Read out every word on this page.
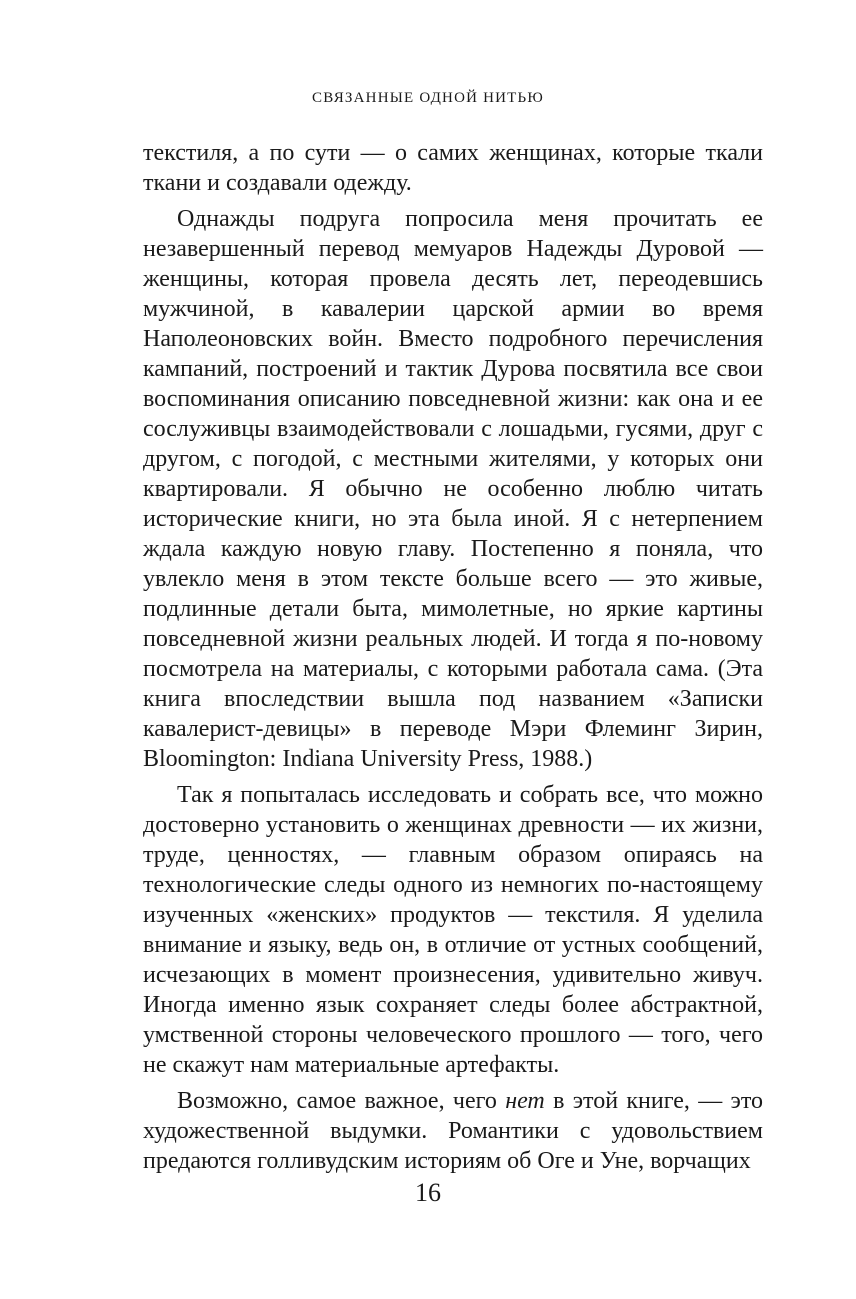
СВЯЗАННЫЕ ОДНОЙ НИТЬЮ

текстиля, а по сути — о самих женщинах, которые ткали ткани и создавали одежду.

Однажды подруга попросила меня прочитать ее незавершенный перевод мемуаров Надежды Дуровой — женщины, которая провела десять лет, переодевшись мужчиной, в кавалерии царской армии во время Наполеоновских войн. Вместо подробного перечисления кампаний, построений и тактик Дурова посвятила все свои воспоминания описанию повседневной жизни: как она и ее сослуживцы взаимодействовали с лошадьми, гусями, друг с другом, с погодой, с местными жителями, у которых они квартировали. Я обычно не особенно люблю читать исторические книги, но эта была иной. Я с нетерпением ждала каждую новую главу. Постепенно я поняла, что увлекло меня в этом тексте больше всего — это живые, подлинные детали быта, мимолетные, но яркие картины повседневной жизни реальных людей. И тогда я по-новому посмотрела на материалы, с которыми работала сама. (Эта книга впоследствии вышла под названием «Записки кавалерист-девицы» в переводе Мэри Флеминг Зирин, Bloomington: Indiana University Press, 1988.)

Так я попыталась исследовать и собрать все, что можно достоверно установить о женщинах древности — их жизни, труде, ценностях, — главным образом опираясь на технологические следы одного из немногих по-настоящему изученных «женских» продуктов — текстиля. Я уделила внимание и языку, ведь он, в отличие от устных сообщений, исчезающих в момент произнесения, удивительно живуч. Иногда именно язык сохраняет следы более абстрактной, умственной стороны человеческого прошлого — того, чего не скажут нам материальные артефакты.

Возможно, самое важное, чего нет в этой книге, — это художественной выдумки. Романтики с удовольствием предаются голливудским историям об Оге и Уне, ворчащих

16
